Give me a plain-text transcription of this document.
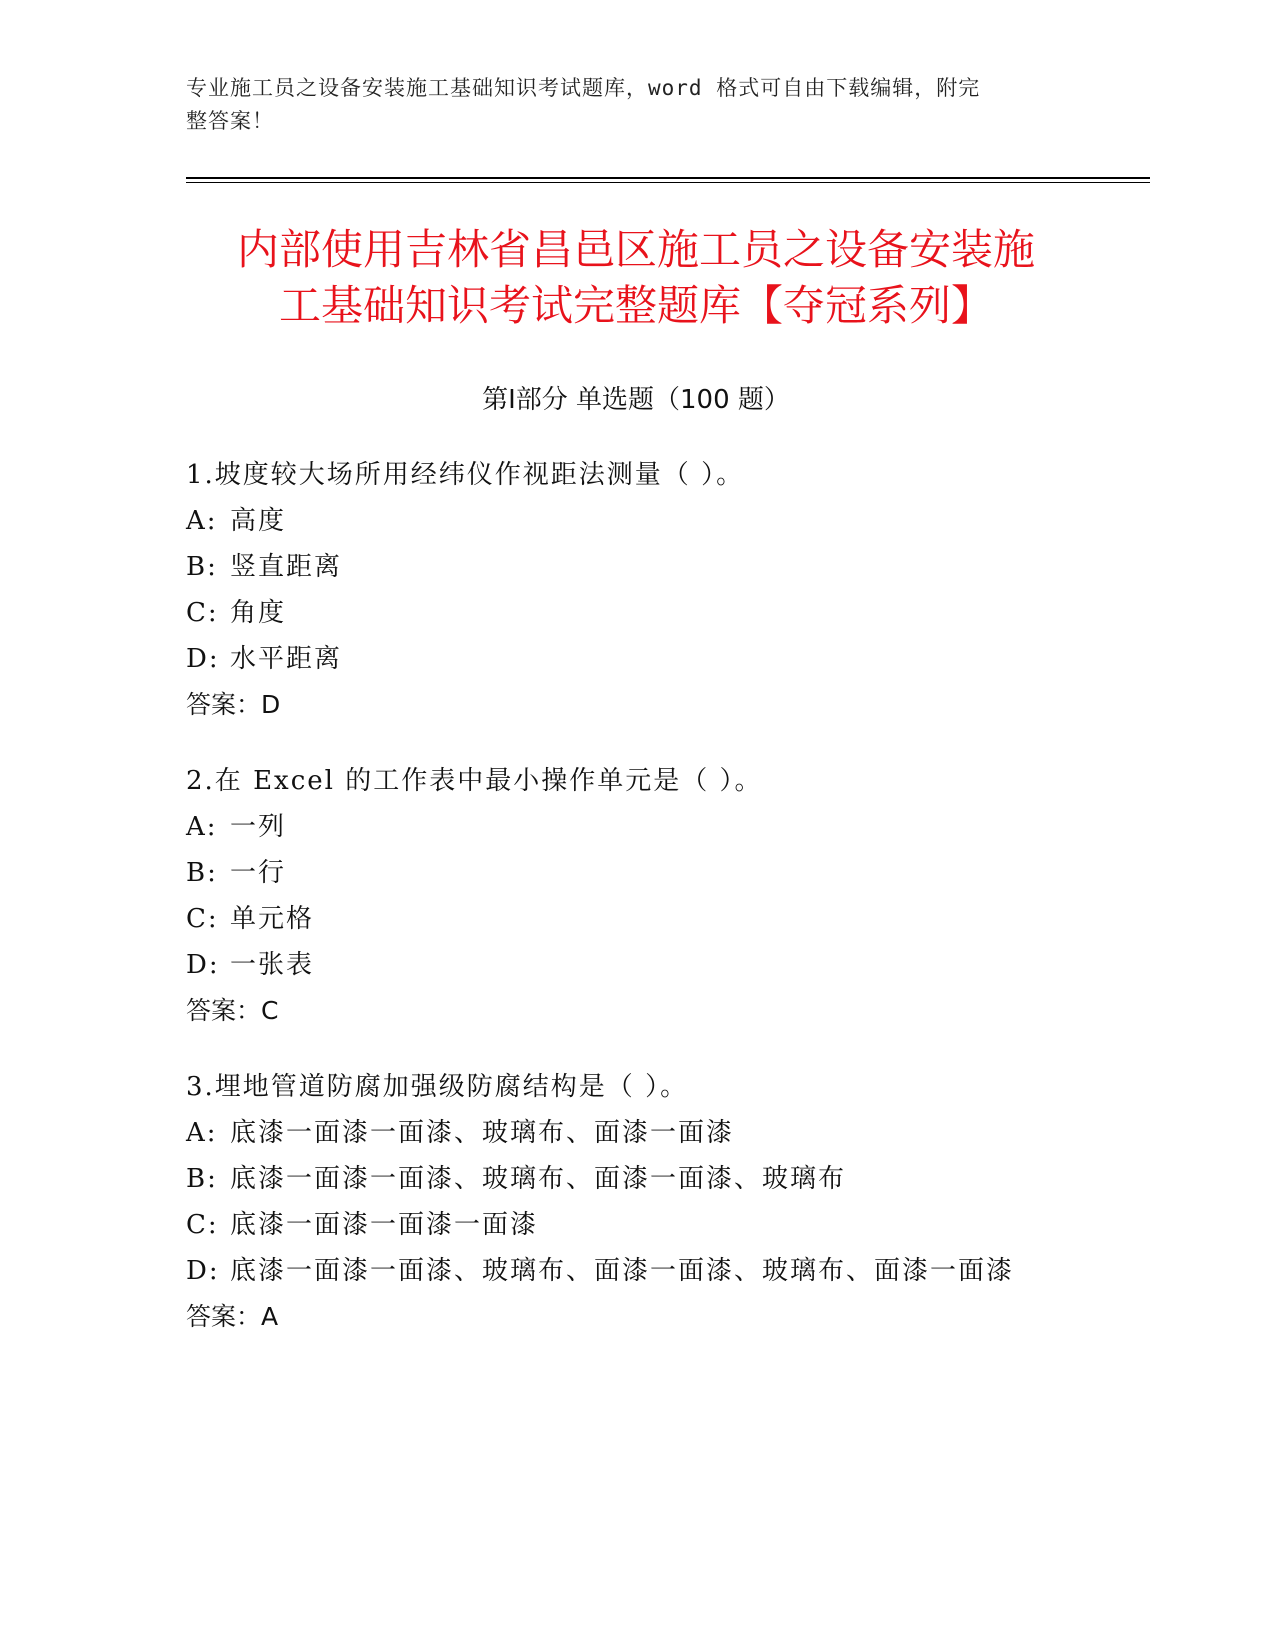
专业施工员之设备安装施工基础知识考试题库，word 格式可自由下载编辑，附完
整答案！
内部使用吉林省昌邑区施工员之设备安装施
工基础知识考试完整题库【夺冠系列】
第Ⅰ部分 单选题（100 题）
1.坡度较大场所用经纬仪作视距法测量（ ）。
A: 高度
B: 竖直距离
C: 角度
D: 水平距离
答案：D
2.在 Excel 的工作表中最小操作单元是（ ）。
A: 一列
B: 一行
C: 单元格
D: 一张表
答案：C
3.埋地管道防腐加强级防腐结构是（ ）。
A: 底漆一面漆一面漆、玻璃布、面漆一面漆
B: 底漆一面漆一面漆、玻璃布、面漆一面漆、玻璃布
C: 底漆一面漆一面漆一面漆
D: 底漆一面漆一面漆、玻璃布、面漆一面漆、玻璃布、面漆一面漆
答案：A
